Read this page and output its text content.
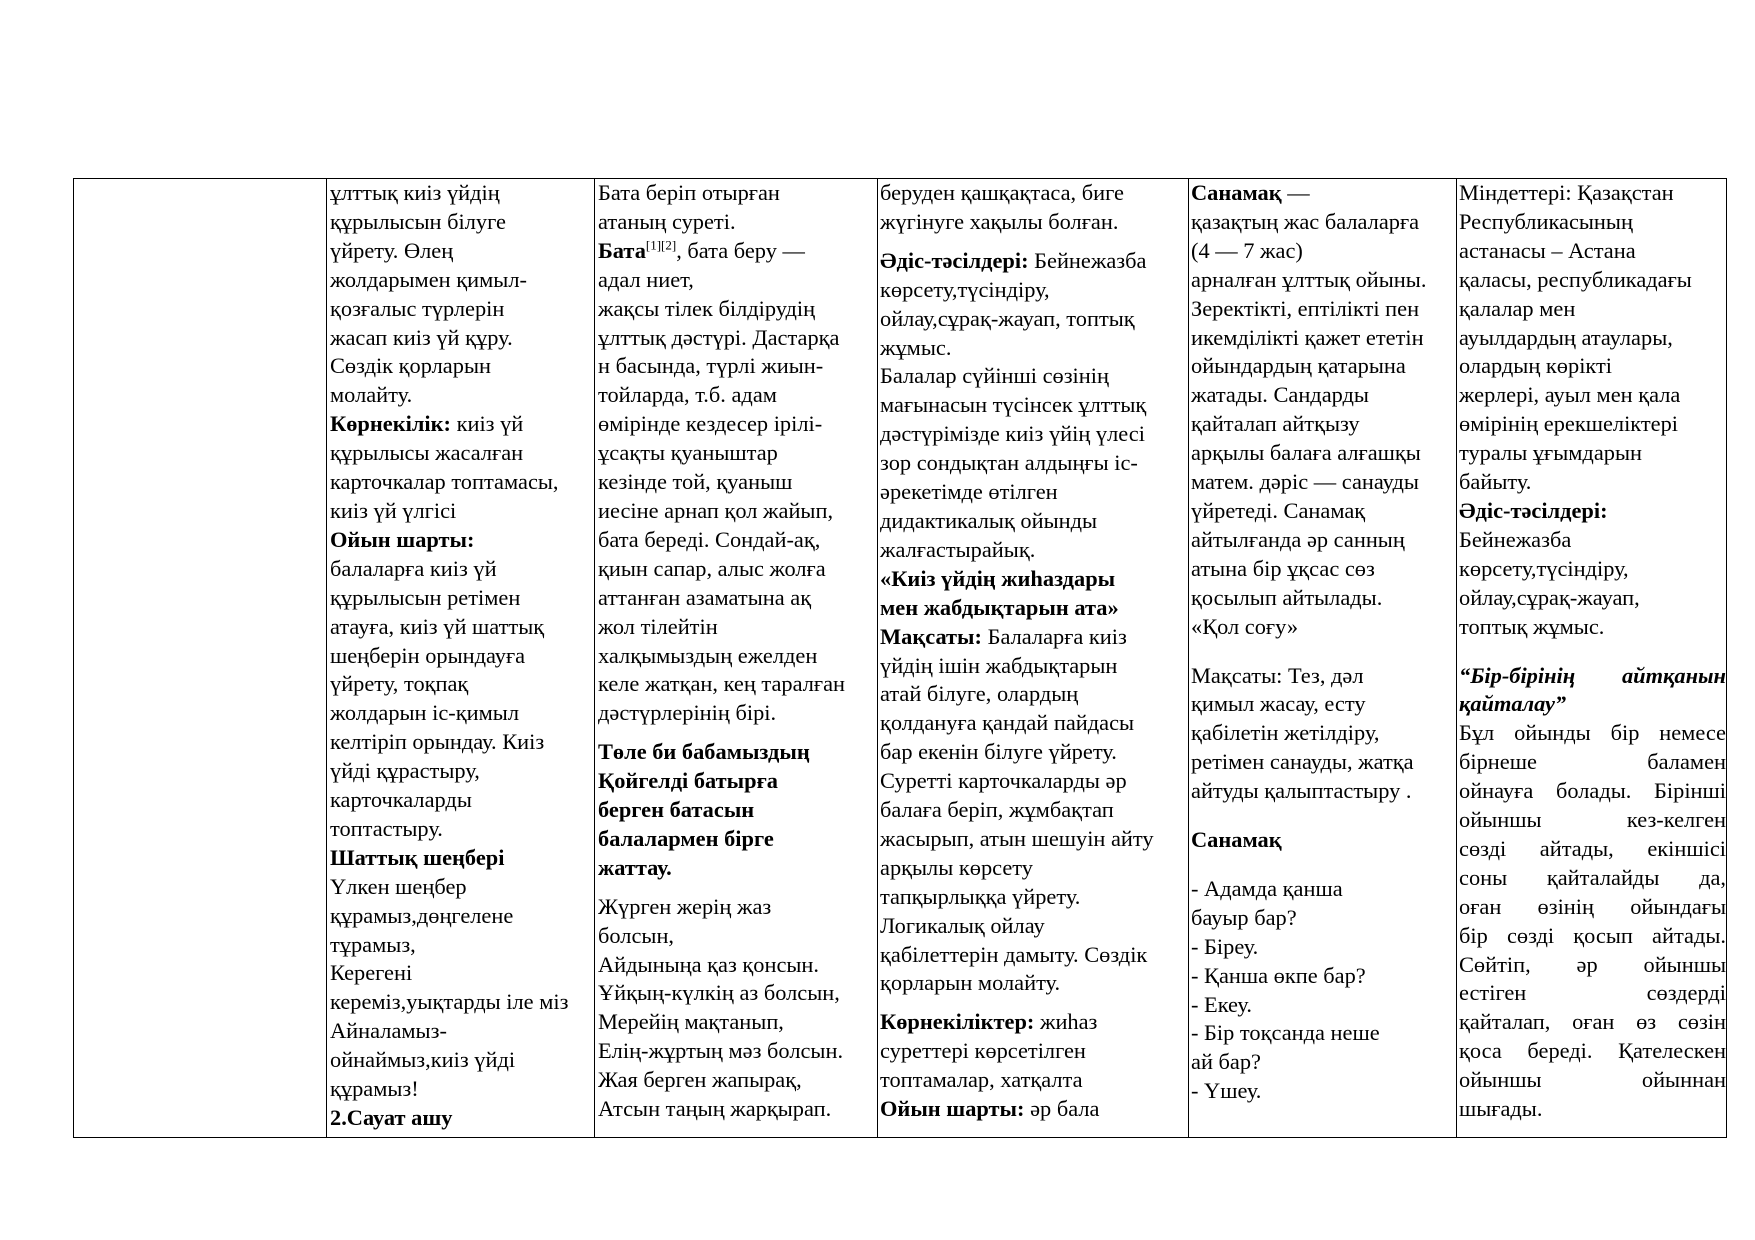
ұлттық киіз үйдің
құрылысын білуге
үйрету. Өлең
жолдарымен қимыл-
қозғалыс түрлерін
жасап киіз үй құру.
Сөздік қорларын
молайту.
Көрнекілік: киіз үй
құрылысы жасалған
карточкалар топтамасы,
киіз үй үлгісі
Ойын шарты:
балаларға киіз үй
құрылысын ретімен
атауға, киіз үй шаттық
шеңберін орындауға
үйрету, тоқпақ
жолдарын іс-қимыл
келтіріп орындау. Киіз
үйді құрастыру,
карточкаларды
топтастыру.
Шаттық шеңбері
Үлкен шеңбер
құрамыз,дөңгелене
тұрамыз,
Керегені
кереміз,уықтарды іле міз
Айналамыз-
ойнаймыз,киіз үйді
құрамыз!
2.Сауат ашу
Бата беріп отырған
атаның суреті.
Бата[1][2], бата беру —
адал ниет,
жақсы тілек білдірудің
ұлттық дәстүрі. Дастарқа
н басында, түрлі жиын-
тойларда, т.б. адам
өмірінде кездесер ірілі-
ұсақты қуаныштар
кезінде той, қуаныш
иесіне арнап қол жайып,
бата береді. Сондай-ақ,
қиын сапар, алыс жолға
аттанған азаматына ақ
жол тілейтін
халқымыздың ежелден
келе жатқан, кең таралған
дәстүрлерінің бірі.
Төле би бабамыздың
Қойгелді батырға
берген батасын
балалармен бірге
жаттау.
Жүрген жерің жаз
болсын,
Айдыныңа қаз қонсын.
Ұйқың-күлкің аз болсын,
Мерейің мақтанып,
Елің-жұртың мәз болсын.
Жая берген жапырақ,
Атсын таңың жарқырап.
беруден қашқақтаса, биге
жүгінуге хақылы болған.
Әдіс-тәсілдері: Бейнежазба
көрсету,түсіндіру,
ойлау,сұрақ-жауап, топтық
жұмыс.
Балалар сүйінші сөзінің
мағынасын түсінсек ұлттық
дәстүрімізде киіз үйің үлесі
зор сондықтан алдыңғы іс-
әрекетімде өтілген
дидактикалық ойынды
жалғастырайық.
«Киіз үйдің жиһаздары
мен жабдықтарын ата»
Мақсаты: Балаларға киіз
үйдің ішін жабдықтарын
атай білуге, олардың
қолдануға қандай пайдасы
бар екенін білуге үйрету.
Суретті карточкаларды әр
балаға беріп, жұмбақтап
жасырып, атын шешуін айту
арқылы көрсету
тапқырлыққа үйрету.
Логикалық ойлау
қабілеттерін дамыту. Сөздік
қорларын молайту.
Көрнекіліктер: жиһаз
суреттері көрсетілген
топтамалар, хатқалта
Ойын шарты: әр бала
Санамақ —
қазақтың жас балаларға
(4 — 7 жас)
арналған ұлттық ойыны.
Зеректікті, ептілікті пен
икемділікті қажет ететін
ойындардың қатарына
жатады. Сандарды
қайталап айтқызу
арқылы балаға алғашқы
матем. дәріс — санауды
үйретеді. Санамақ
айтылғанда әр санның
атына бір ұқсас сөз
қосылып айтылады.
«Қол соғу»
Мақсаты: Тез, дәл
қимыл жасау, есту
қабілетін жетілдіру,
ретімен санауды, жатқа
айтуды қалыптастыру .
Санамақ
- Адамда қанша
бауыр бар?
- Біреу.
- Қанша өкпе бар?
- Екеу.
- Бір тоқсанда неше
ай бар?
- Үшеу.
Міндеттері: Қазақстан
Республикасының
астанасы – Астана
қаласы, республикадағы
қалалар мен
ауылдардың атаулары,
олардың көрікті
жерлері, ауыл мен қала
өмірінің ерекшеліктері
туралы ұғымдарын
байыту.
Әдіс-тәсілдері:
Бейнежазба
көрсету,түсіндіру,
ойлау,сұрақ-жауап,
топтық жұмыс.
“Бір-бірінің айтқанын
қайталау”
Бұл ойынды бір немесе
бірнеше баламен
ойнауға болады. Бірінші
ойыншы кез-келген
сөзді айтады, екіншісі
соны қайталайды да,
оған өзінің ойындағы
бір сөзді қосып айтады.
Сөйтіп, әр ойыншы
естіген сөздерді
қайталап, оған өз сөзін
қоса береді. Қателескен
ойыншы ойыннан
шығады.
